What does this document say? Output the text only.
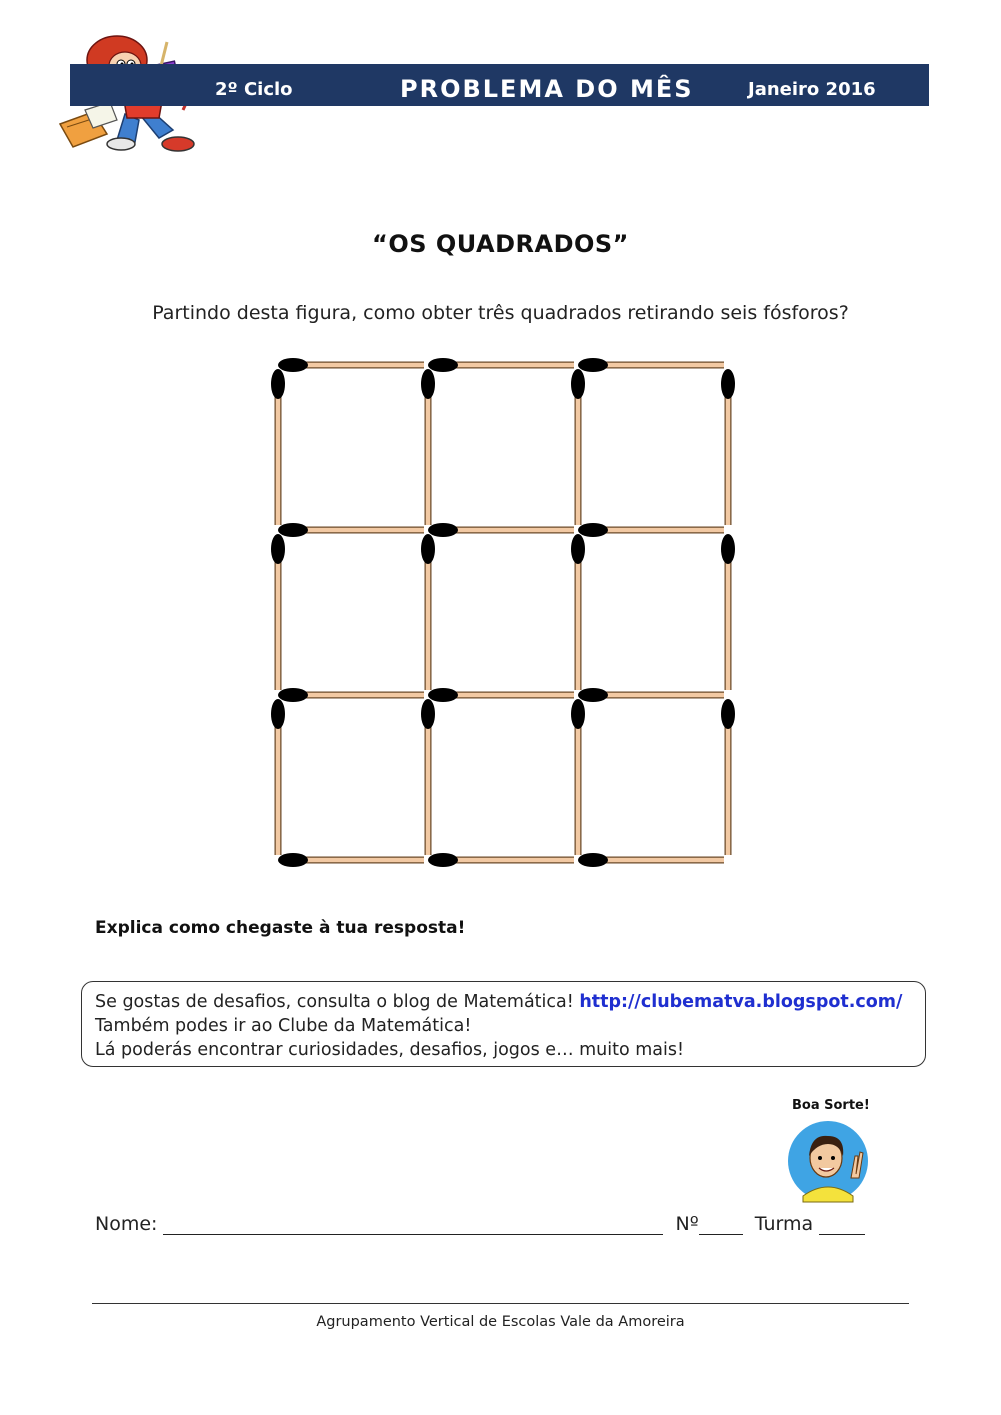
2º Ciclo	PROBLEMA DO MÊS	Janeiro 2016
“OS QUADRADOS”
Partindo desta figura, como obter três quadrados retirando seis fósforos?
Explica como chegaste à tua resposta!
Se gostas de desafios, consulta o blog de Matemática! http://clubematva.blogspot.com/
Também podes ir ao Clube da Matemática!
Lá poderás encontrar curiosidades, desafios, jogos e… muito mais!
Boa Sorte!
Nome:	Nº	Turma
Agrupamento Vertical de Escolas Vale da Amoreira
